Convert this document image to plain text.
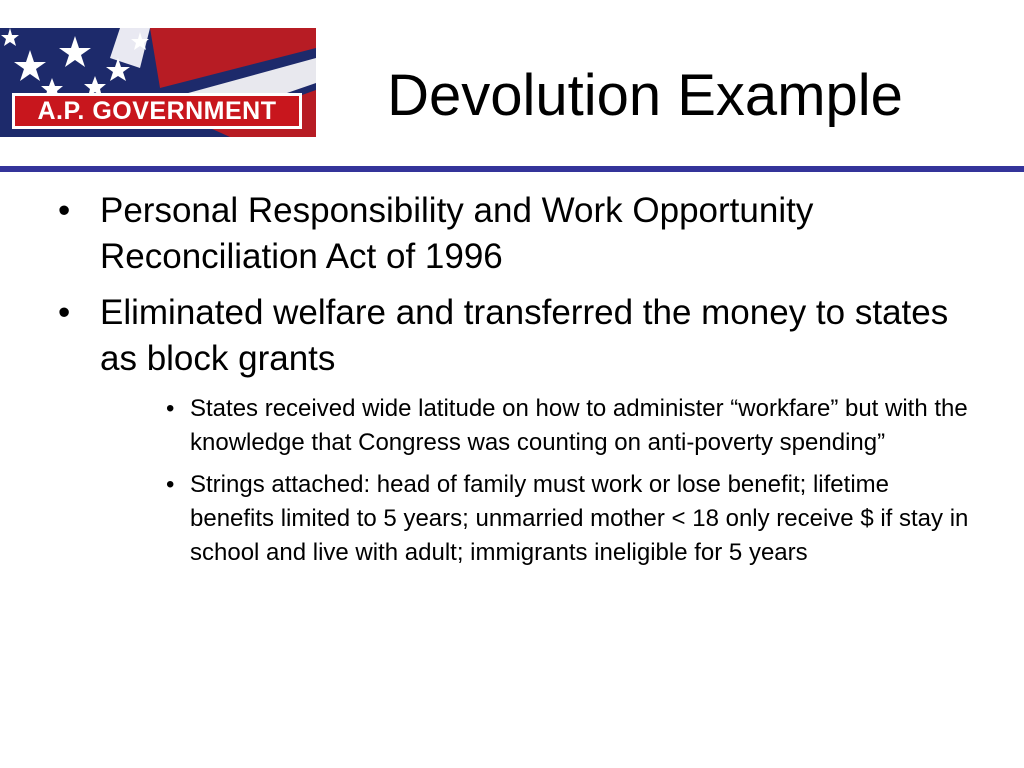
A.P. GOVERNMENT	Devolution Example
• Personal Responsibility and Work Opportunity Reconciliation Act of 1996
• Eliminated welfare and transferred the money to states as block grants
• States received wide latitude on how to administer “workfare” but with the knowledge that Congress was counting on anti-poverty spending”
• Strings attached: head of family must work or lose benefit; lifetime benefits limited to 5 years; unmarried mother < 18 only receive $ if stay in school and live with adult; immigrants ineligible for 5 years
